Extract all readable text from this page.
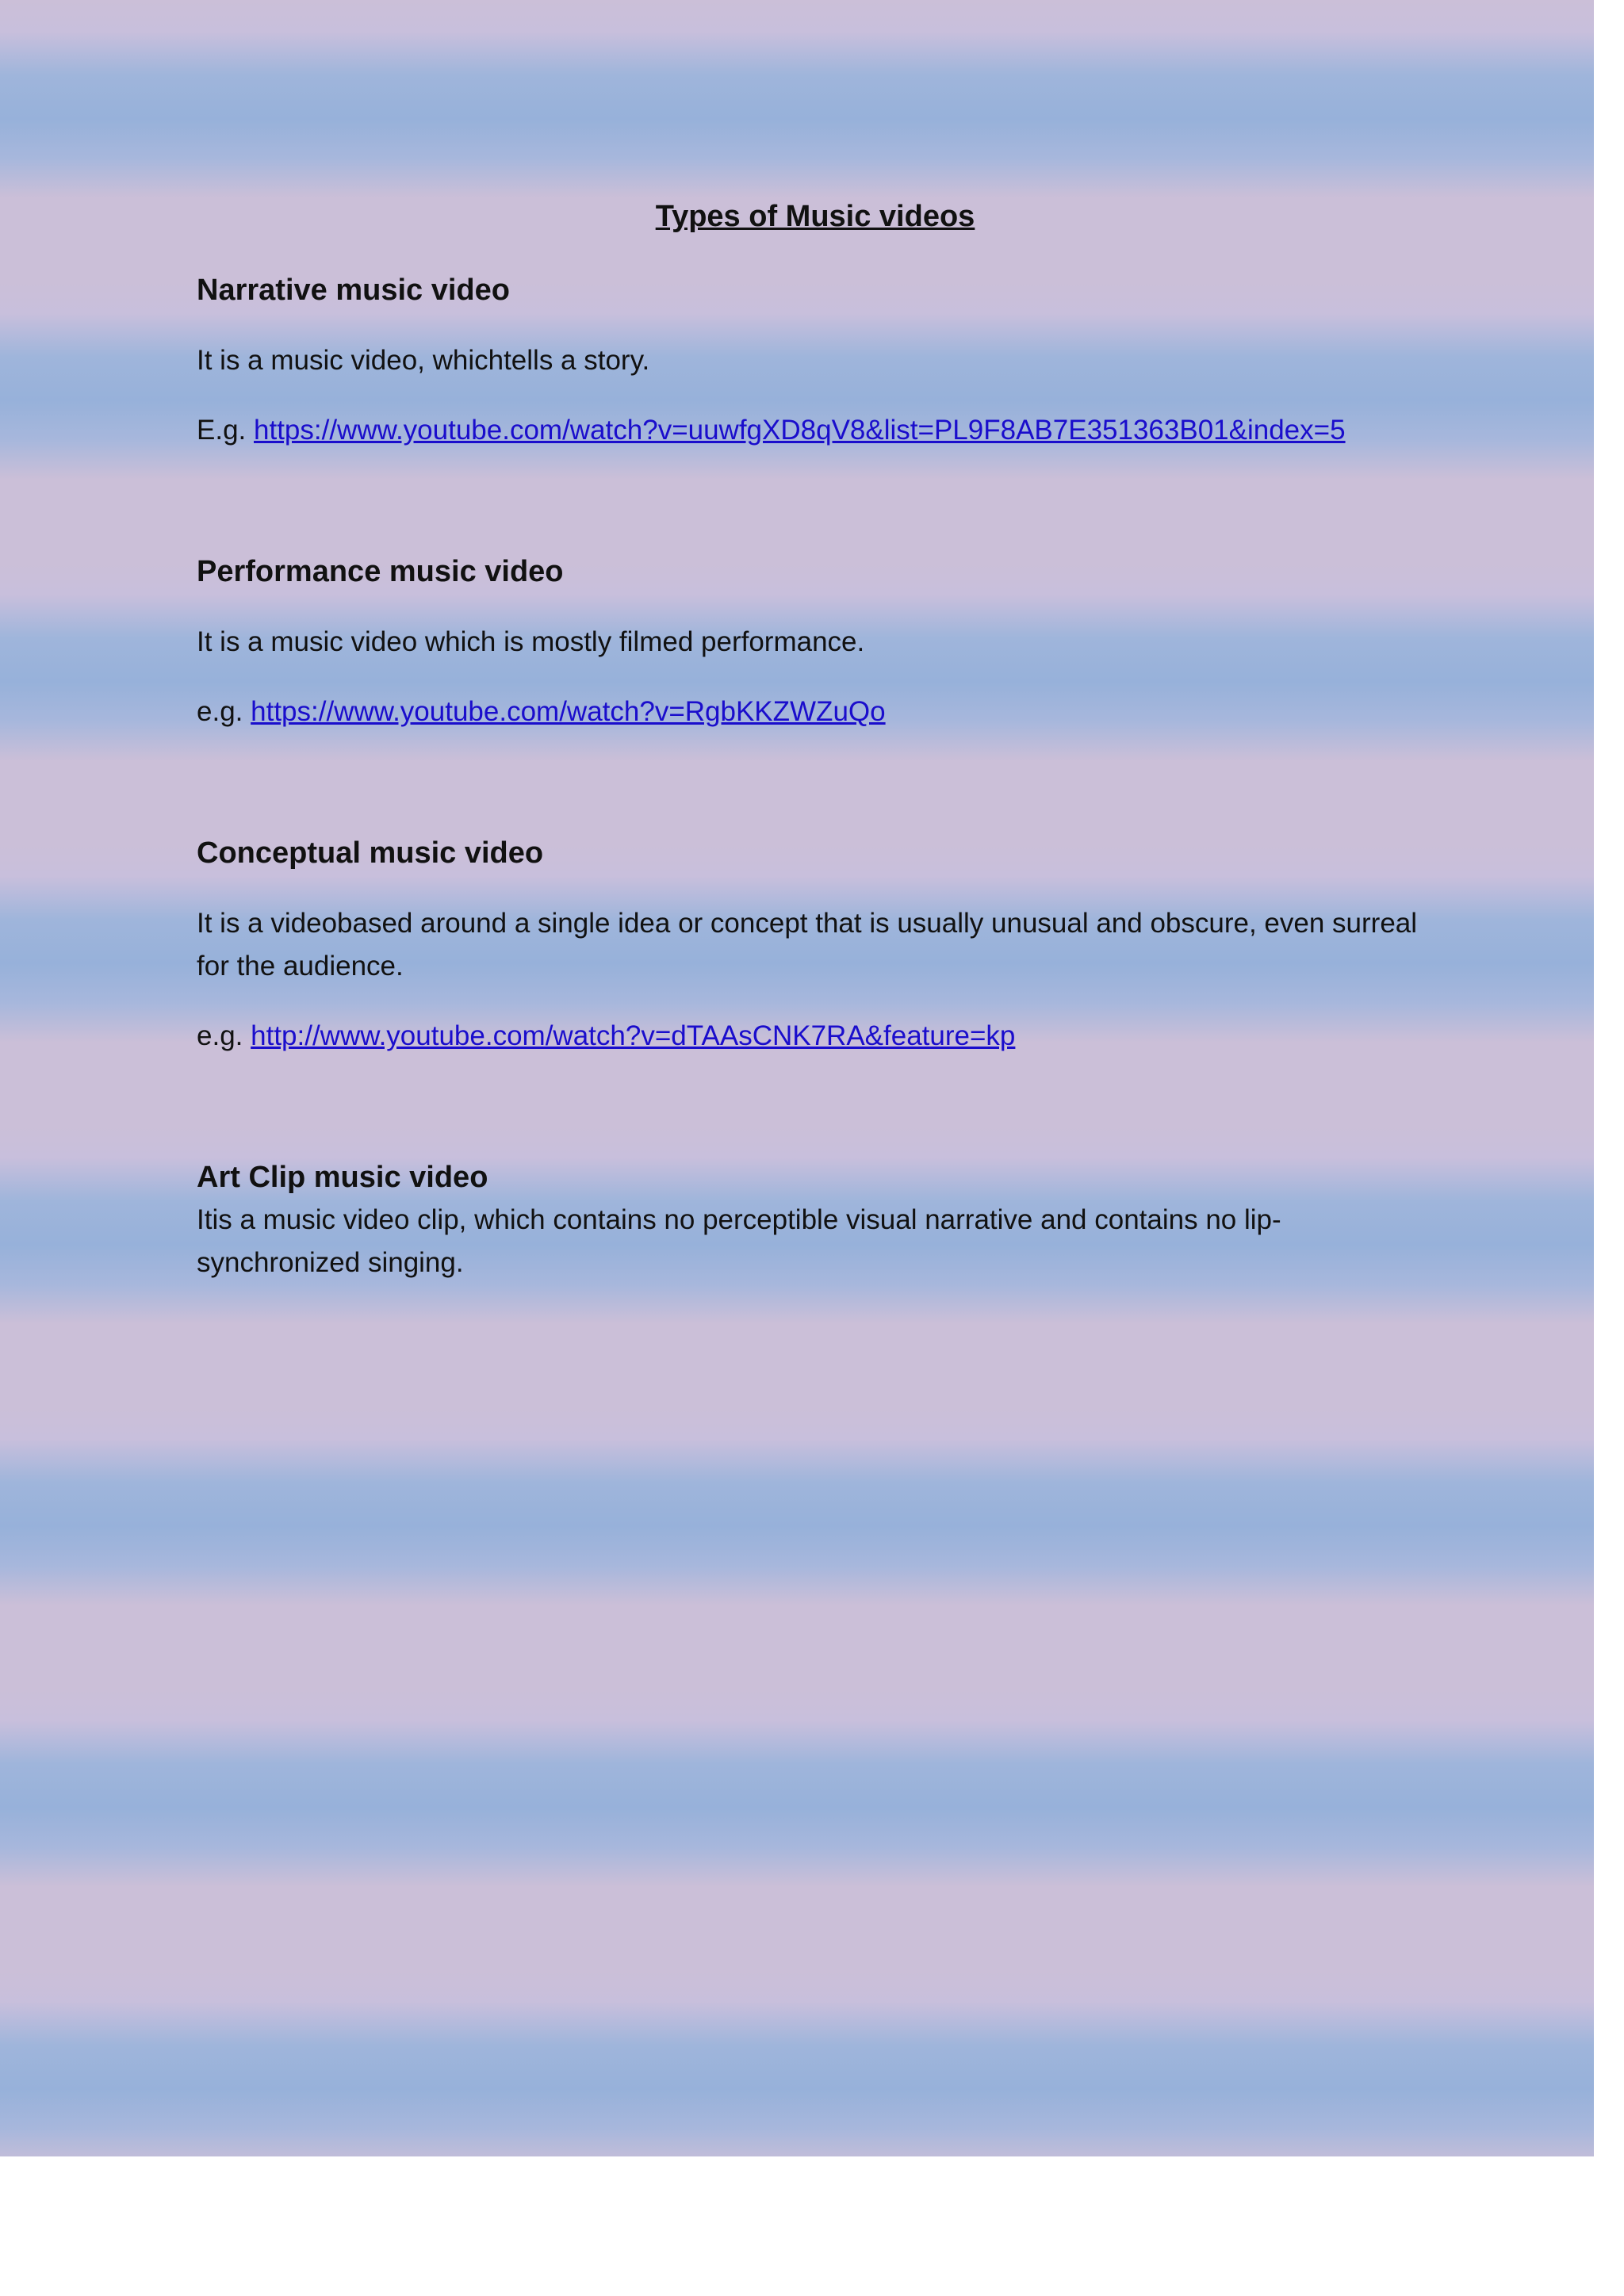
Types of Music videos
Narrative music video

It is a music video, whichtells a story.

E.g. https://www.youtube.com/watch?v=uuwfgXD8qV8&list=PL9F8AB7E351363B01&index=5

Performance music video

It is a music video which is mostly filmed performance.

e.g. https://www.youtube.com/watch?v=RgbKKZWZuQo

Conceptual music video

It is a videobased around a single idea or concept that is usually unusual and obscure, even surreal for the audience.

e.g. http://www.youtube.com/watch?v=dTAAsCNK7RA&feature=kp

Art Clip music video

Itis a music video clip, which contains no perceptible visual narrative and contains no lip-synchronized singing.
